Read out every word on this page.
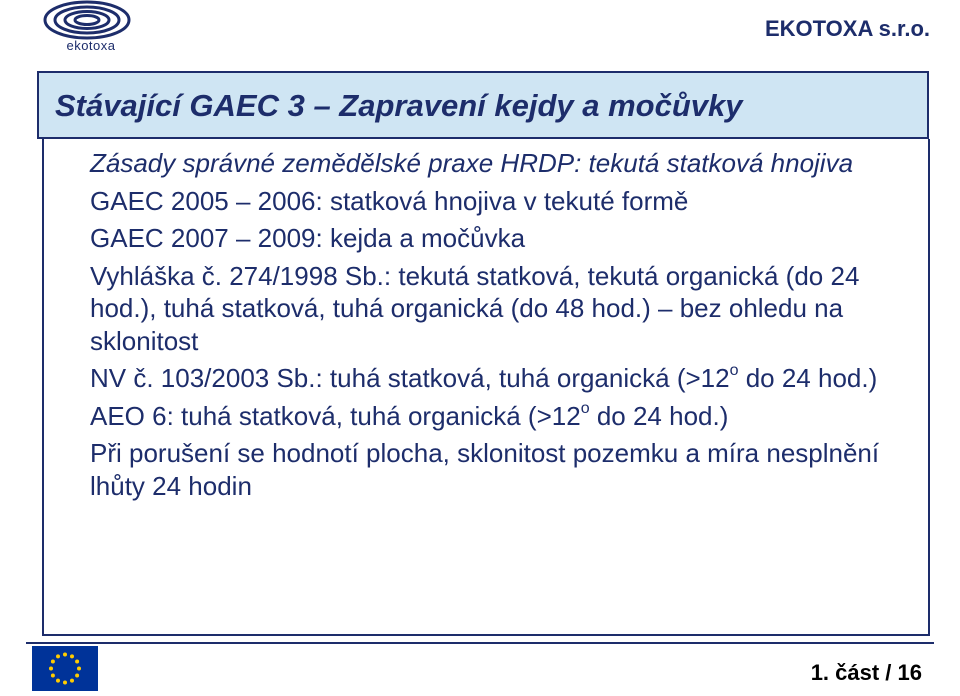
ekotoxa
EKOTOXA s.r.o.
Stávající GAEC 3 – Zapravení kejdy a močůvky
Zásady správné zemědělské praxe HRDP: tekutá statková hnojiva
GAEC 2005 – 2006: statková hnojiva v tekuté formě
GAEC 2007 – 2009: kejda a močůvka
Vyhláška č. 274/1998 Sb.: tekutá statková, tekutá organická (do 24 hod.), tuhá statková, tuhá organická (do 48 hod.) – bez ohledu na sklonitost
NV č. 103/2003 Sb.: tuhá statková, tuhá organická ($>12^o$ do 24 hod.)
AEO 6: tuhá statková, tuhá organická ($>12^o$ do 24 hod.)
Při porušení se hodnotí plocha, sklonitost pozemku a míra nesplnění lhůty 24 hodin
1. část / 16
